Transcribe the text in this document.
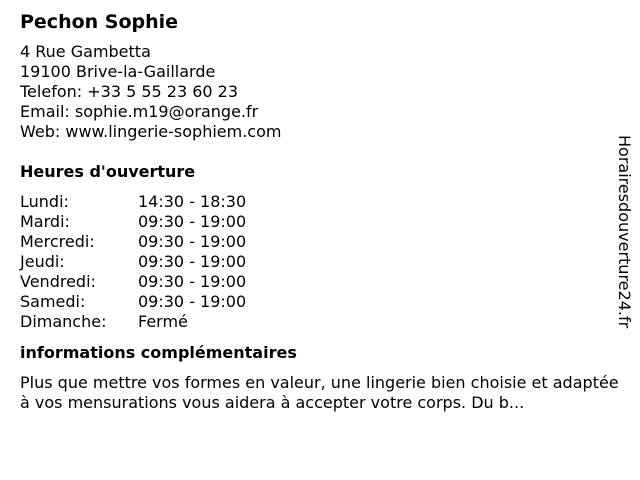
Pechon Sophie
4 Rue Gambetta
19100 Brive-la-Gaillarde
Telefon: +33 5 55 23 60 23
Email: sophie.m19@orange.fr
Web: www.lingerie-sophiem.com
Heures d'ouverture
Lundi:	14:30 - 18:30
Mardi:	09:30 - 19:00
Mercredi:	09:30 - 19:00
Jeudi:	09:30 - 19:00
Vendredi:	09:30 - 19:00
Samedi:	09:30 - 19:00
Dimanche:	Fermé
informations complémentaires
Plus que mettre vos formes en valeur, une lingerie bien choisie et adaptée à vos mensurations vous aidera à accepter votre corps. Du b...
Horairesdouverture24.fr
